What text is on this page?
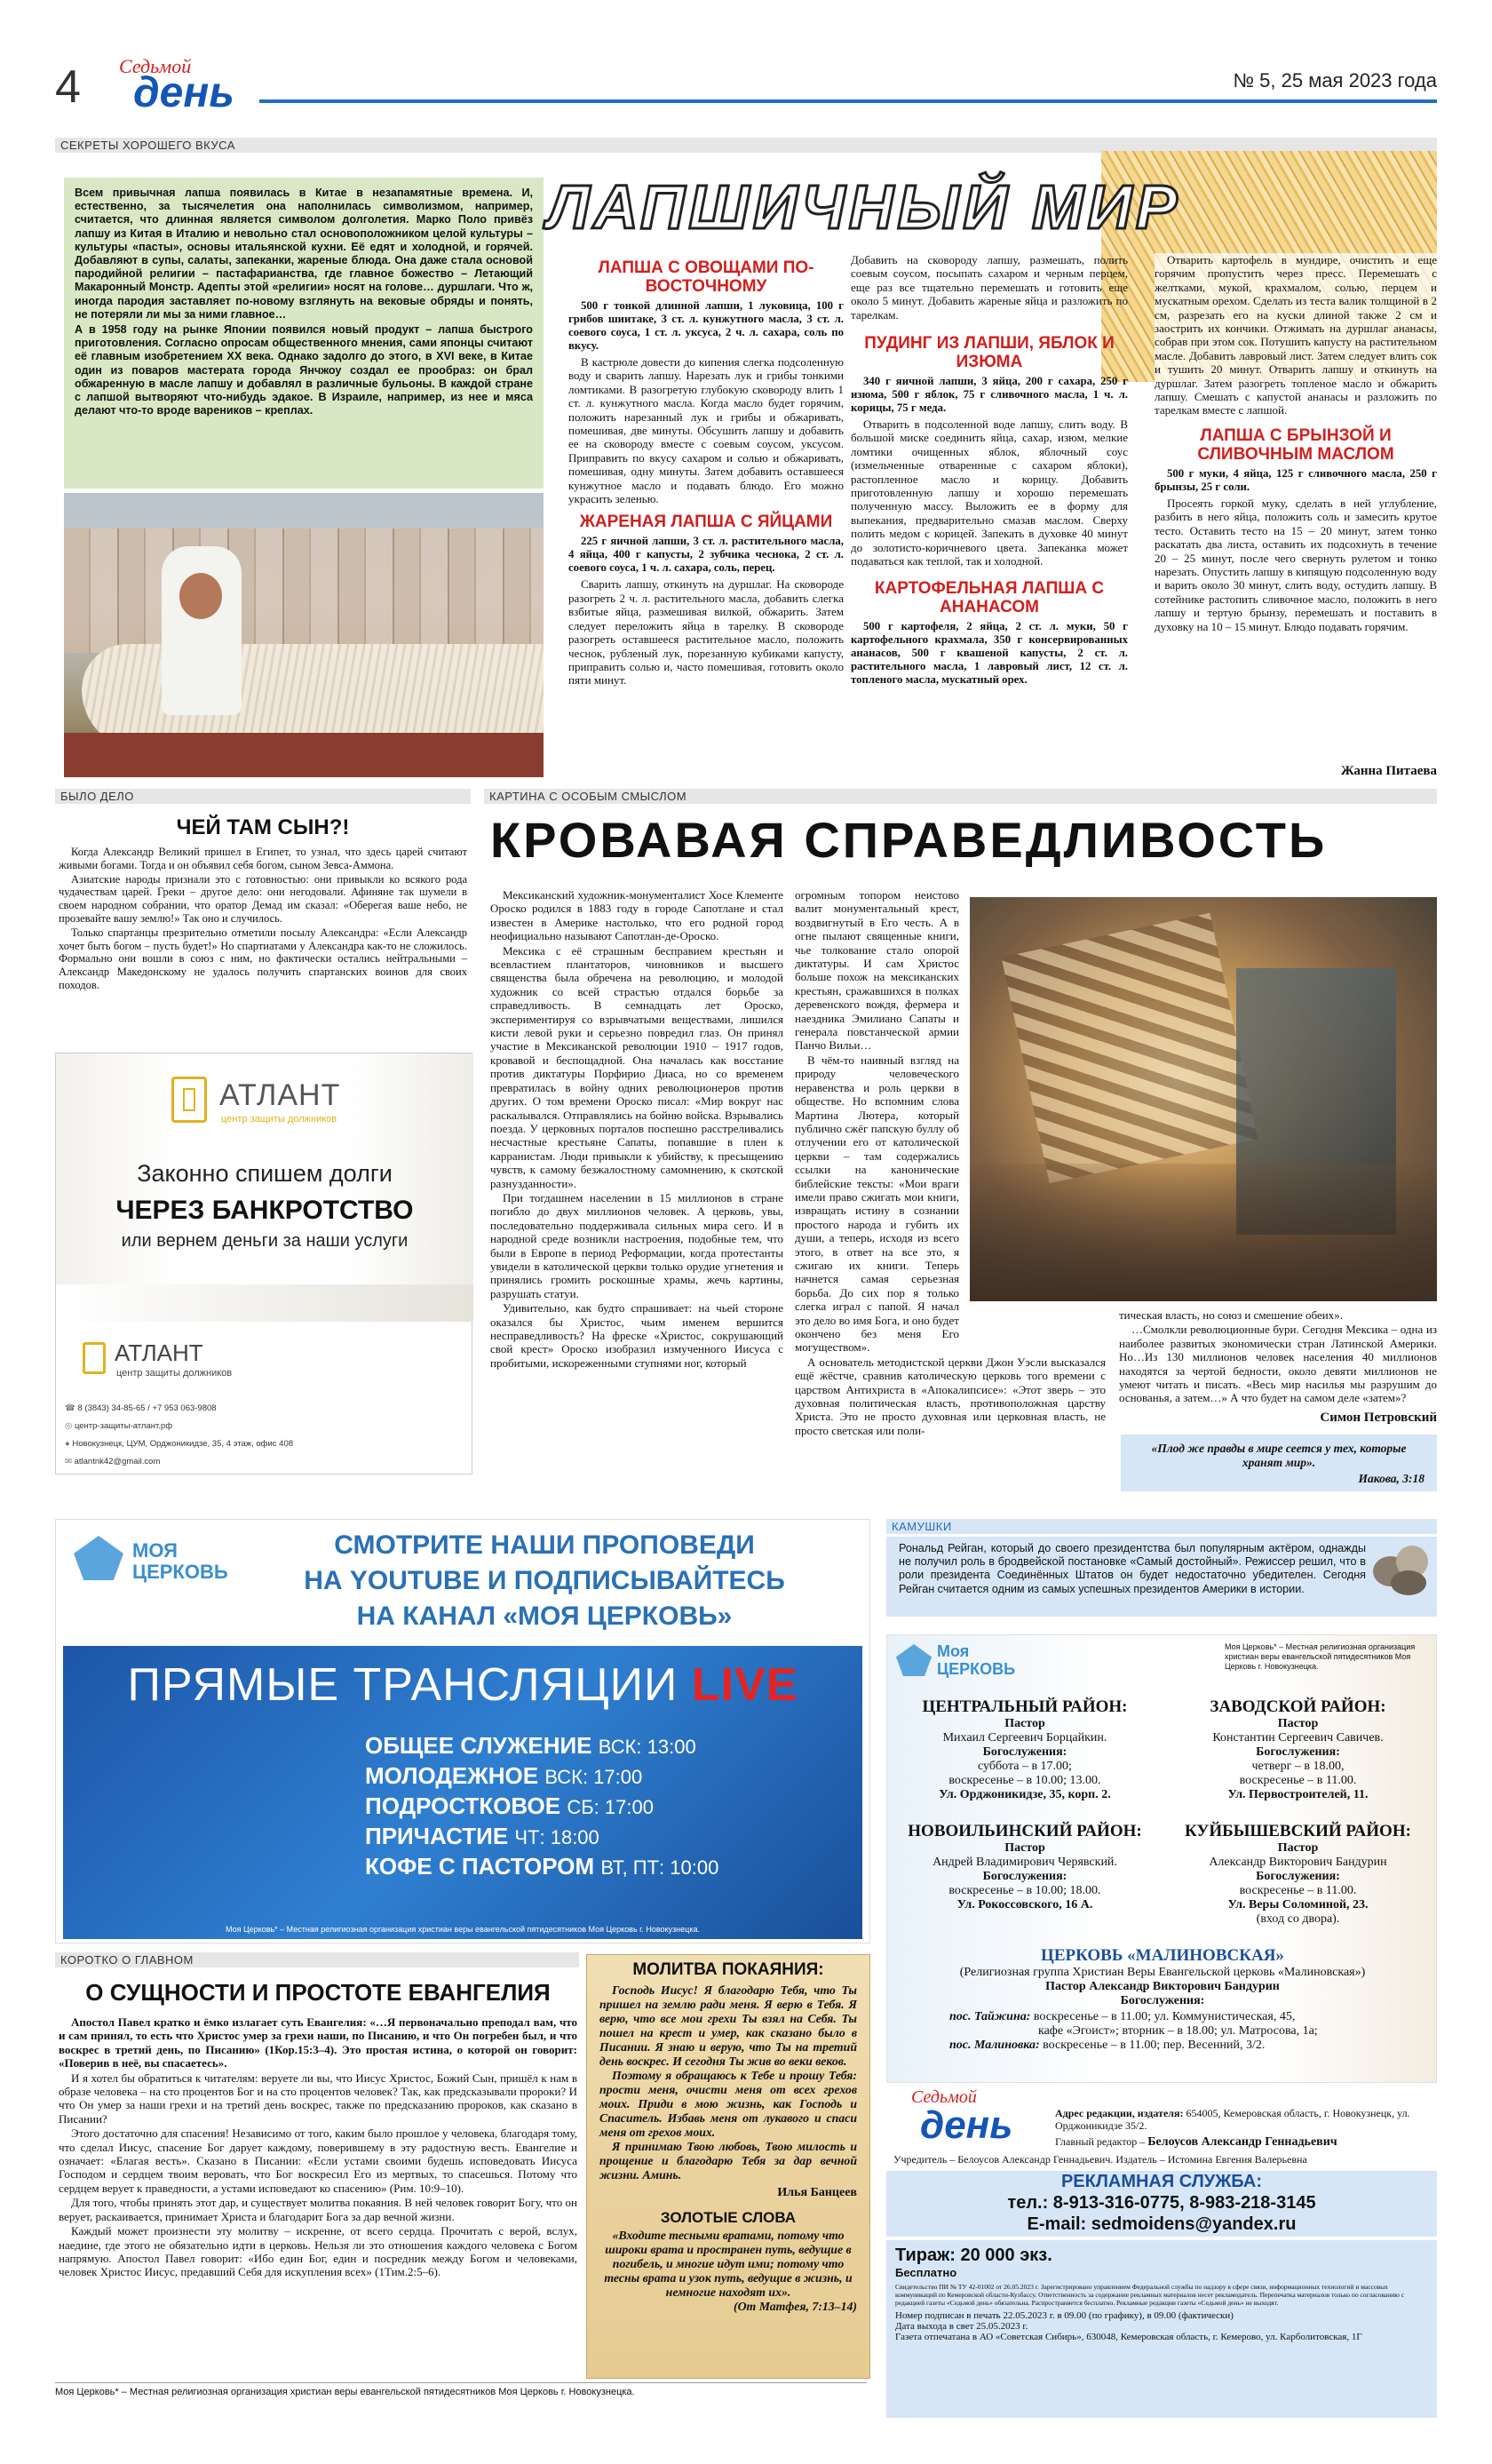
4 Седьмой
день	№ 5, 25 мая 2023 года
СЕКРЕТЫ ХОРОШЕГО ВКУСА

Всем привычная лапша появилась в Китае в незапамятные времена. И, естественно, за тысячелетия она наполнилась символизмом, например, считается, что длинная является символом долголетия. Марко Поло привёз лапшу из Китая в Италию и невольно стал основоположником целой культуры – культуры «пасты», основы итальянской кухни. Её едят и холодной, и горячей. Добавляют в супы, салаты, запеканки, жареные блюда. Она даже стала основой пародийной религии – пастафарианства, где главное божество – Летающий Макаронный Монстр. Адепты этой «религии» носят на голове… дуршлаги. Что ж, иногда пародия заставляет по-новому взглянуть на вековые обряды и понять, не потеряли ли мы за ними главное…

А в 1958 году на рынке Японии появился новый продукт – лапша быстрого приготовления. Согласно опросам общественного мнения, сами японцы считают её главным изобретением XX века. Однако задолго до этого, в XVI веке, в Китае один из поваров мастерата города Янчжоу создал ее прообраз: он брал обжаренную в масле лапшу и добавлял в различные бульоны. В каждой стране с лапшой вытворяют что-нибудь эдакое. В Израиле, например, из нее и мяса делают что-то вроде вареников – креплах.

ЛАПШИЧНЫЙ МИР
ЛАПША С ОВОЩАМИ ПО-ВОСТОЧНОМУ
500 г тонкой длинной лапши, 1 луковица, 100 г грибов шиитаке, 3 ст. л. кунжутного масла, 3 ст. л. соевого соуса, 1 ст. л. уксуса, 2 ч. л. сахара, соль по вкусу.

В кастрюле довести до кипения слегка подсоленную воду и сварить лапшу. Нарезать лук и грибы тонкими ломтиками. В разогретую глубокую сковороду влить 1 ст. л. кунжутного масла. Когда масло будет горячим, положить нарезанный лук и грибы и обжаривать, помешивая, две минуты. Обсушить лапшу и добавить ее на сковороду вместе с соевым соусом, уксусом. Приправить по вкусу сахаром и солью и обжаривать, помешивая, одну минуты. Затем добавить оставшееся кунжутное масло и подавать блюдо. Его можно украсить зеленью.

ЖАРЕНАЯ ЛАПША С ЯЙЦАМИ
225 г яичной лапши, 3 ст. л. растительного масла, 4 яйца, 400 г капусты, 2 зубчика чеснока, 2 ст. л. соевого соуса, 1 ч. л. сахара, соль, перец.

Сварить лапшу, откинуть на дуршлаг. На сковороде разогреть 2 ч. л. растительного масла, добавить слегка взбитые яйца, размешивая вилкой, обжарить. Затем следует переложить яйца в тарелку. В сковороде разогреть оставшееся растительное масло, положить чеснок, рубленый лук, порезанную кубиками капусту, приправить солью и, часто помешивая, готовить около пяти минут.

Добавить на сковороду лапшу, размешать, полить соевым соусом, посыпать сахаром и черным перцем, еще раз все тщательно перемешать и готовить еще около 5 минут. Добавить жареные яйца и разложить по тарелкам.

ПУДИНГ ИЗ ЛАПШИ, ЯБЛОК И ИЗЮМА
340 г яичной лапши, 3 яйца, 200 г сахара, 250 г изюма, 500 г яблок, 75 г сливочного масла, 1 ч. л. корицы, 75 г меда.

Отварить в подсоленной воде лапшу, слить воду. В большой миске соединить яйца, сахар, изюм, мелкие ломтики очищенных яблок, яблочный соус (измельченные отваренные с сахаром яблоки), растопленное масло и корицу. Добавить приготовленную лапшу и хорошо перемешать полученную массу. Выложить ее в форму для выпекания, предварительно смазав маслом. Сверху полить медом с корицей. Запекать в духовке 40 минут до золотисто-коричневого цвета. Запеканка может подаваться как теплой, так и холодной.

КАРТОФЕЛЬНАЯ ЛАПША С АНАНАСОМ
500 г картофеля, 2 яйца, 2 ст. л. муки, 50 г картофельного крахмала, 350 г консервированных ананасов, 500 г квашеной капусты, 2 ст. л. растительного масла, 1 лавровый лист, 12 ст. л. топленого масла, мускатный орех.

Отварить картофель в мундире, очистить и еще горячим пропустить через пресс. Перемешать с желтками, мукой, крахмалом, солью, перцем и мускатным орехом. Сделать из теста валик толщиной в 2 см, разрезать его на куски длиной также 2 см и заострить их кончики. Отжимать на дуршлаг ананасы, собрав при этом сок. Потушить капусту на растительном масле. Добавить лавровый лист. Затем следует влить сок и тушить 20 минут. Отварить лапшу и откинуть на дуршлаг. Затем разогреть топленое масло и обжарить лапшу. Смешать с капустой ананасы и разложить по тарелкам вместе с лапшой.

ЛАПША С БРЫНЗОЙ И СЛИВОЧНЫМ МАСЛОМ
500 г муки, 4 яйца, 125 г сливочного масла, 250 г брынзы, 25 г соли.

Просеять горкой муку, сделать в ней углубление, разбить в него яйца, положить соль и замесить крутое тесто. Оставить тесто на 15 – 20 минут, затем тонко раскатать два листа, оставить их подсохнуть в течение 20 – 25 минут, после чего свернуть рулетом и тонко нарезать. Опустить лапшу в кипящую подсоленную воду и варить около 30 минут, слить воду, остудить лапшу. В сотейнике растопить сливочное масло, положить в него лапшу и тертую брынзу, перемешать и поставить в духовку на 10 – 15 минут. Блюдо подавать горячим.

Жанна Питаева
БЫЛО ДЕЛО
ЧЕЙ ТАМ СЫН?!

Когда Александр Великий пришел в Египет, то узнал, что здесь царей считают живыми богами. Тогда и он объявил себя богом, сыном Зевса-Аммона.

Азиатские народы признали это с готовностью: они привыкли ко всякого рода чудачествам царей. Греки – другое дело: они негодовали. Афиняне так шумели в своем народном собрании, что оратор Демад им сказал: «Оберегая ваше небо, не прозевайте вашу землю!» Так оно и случилось.

Только спартанцы презрительно отметили посылу Александра: «Если Александр хочет быть богом – пусть будет!» Но спартиатами у Александра как-то не сложилось. Формально они вошли в союз с ним, но фактически остались нейтральными – Александр Македонскому не удалось получить спартанских воинов для своих походов.

АТЛАНТ
центр защиты должников
Законно спишем долги
ЧЕРЕЗ БАНКРОТСТВО
или вернем деньги за наши услуги
АТЛАНТ
центр защиты должников
☎ 8 (3843) 34-85-65 / +7 953 063-9808
◎ центр-защиты-атлант.рф
● Новокузнецк, ЦУМ, Орджоникидзе, 35, 4 этаж, офис 408
✉ atlantnk42@gmail.com
КАРТИНА С ОСОБЫМ СМЫСЛОМ
КРОВАВАЯ СПРАВЕДЛИВОСТЬ

Мексиканский художник-монументалист Хосе Клементе Ороско родился в 1883 году в городе Сапотлане и стал известен в Америке настолько, что его родной город неофициально называют Сапотлан-де-Ороско.

Мексика с её страшным бесправием крестьян и всевластием плантаторов, чиновников и высшего священства была обречена на революцию, и молодой художник со всей страстью отдался борьбе за справедливость. В семнадцать лет Ороско, экспериментируя со взрывчатыми веществами, лишился кисти левой руки и серьезно повредил глаз. Он принял участие в Мексиканской революции 1910 – 1917 годов, кровавой и беспощадной. Она началась как восстание против диктатуры Порфирио Диаса, но со временем превратилась в войну одних революционеров против других. О том времени Ороско писал: «Мир вокруг нас раскалывался. Отправлялись на бойню войска. Взрывались поезда. У церковных порталов поспешно расстреливались несчастные крестьяне Сапаты, попавшие в плен к карранистам. Люди привыкли к убийству, к пресыщению чувств, к самому безжалостному самомнению, к скотской разнузданности».

При тогдашнем населении в 15 миллионов в стране погибло до двух миллионов человек. А церковь, увы, последовательно поддерживала сильных мира сего. И в народной среде возникли настроения, подобные тем, что были в Европе в период Реформации, когда протестанты увидели в католической церкви только орудие угнетения и принялись громить роскошные храмы, жечь картины, разрушать статуи.

Удивительно, как будто спрашивает: на чьей стороне оказался бы Христос, чьим именем вершится несправедливость? На фреске «Христос, сокрушающий свой крест» Ороско изобразил измученного Иисуса с пробитыми, искореженными ступнями ног, который

огромным топором неистово валит монументальный крест, воздвигнутый в Его честь. А в огне пылают священные книги, чье толкование стало опорой диктатуры. И сам Христос больше похож на мексиканских крестьян, сражавшихся в полках деревенского вождя, фермера и наездника Эмилиано Сапаты и генерала повстанческой армии Панчо Вильи…

В чём-то наивный взгляд на природу человеческого неравенства и роль церкви в обществе. Но вспомним слова Мартина Лютера, который публично сжёг папскую буллу об отлучении его от католической церкви – там содержались ссылки на канонические библейские тексты: «Мои враги имели право сжигать мои книги, извращать истину в сознании простого народа и губить их души, а теперь, исходя из всего этого, в ответ на все это, я сжигаю их книги. Теперь начнется самая серьезная борьба. До сих пор я только слегка играл с папой. Я начал это дело во имя Бога, и оно будет окончено без меня Его могуществом».

А основатель методистской церкви Джон Уэсли высказался ещё жёстче, сравнив католическую церковь того времени с царством Антихриста в «Апокалипсисе»: «Этот зверь – это духовная политическая власть, противоположная царству Христа. Это не просто духовная или церковная власть, не просто светская или поли-

тическая власть, но союз и смешение обеих».

…Смолкли революционные бури. Сегодня Мексика – одна из наиболее развитых экономически стран Латинской Америки. Но…Из 130 миллионов человек населения 40 миллионов находятся за чертой бедности, около девяти миллионов не умеют читать и писать. «Весь мир насилья мы разрушим до основанья, а затем…» А что будет на самом деле «затем»?

Симон Петровский
«Плод же правды в мире сеется у тех, которые хранят мир».
Иакова, 3:18
МОЯ
ЦЕРКОВЬ
СМОТРИТЕ НАШИ ПРОПОВЕДИ
НА YOUTUBE И ПОДПИСЫВАЙТЕСЬ
НА КАНАЛ «МОЯ ЦЕРКОВЬ»
ПРЯМЫЕ ТРАНСЛЯЦИИ LIVE
ОБЩЕЕ СЛУЖЕНИЕ ВСК: 13:00
МОЛОДЕЖНОЕ ВСК: 17:00
ПОДРОСТКОВОЕ СБ: 17:00
ПРИЧАСТИЕ ЧТ: 18:00
КОФЕ С ПАСТОРОМ ВТ, ПТ: 10:00
Моя Церковь* – Местная религиозная организация христиан веры евангельской пятидесятников Моя Церковь г. Новокузнецка.
КАМУШКИ
Рональд Рейган, который до своего президентства был популярным актёром, однажды не получил роль в бродвейской постановке «Самый достойный». Режиссер решил, что в роли президента Соединённых Штатов он будет недостаточно убедителен. Сегодня Рейган считается одним из самых успешных президентов Америки в истории.
Моя
ЦЕРКОВЬ
Моя Церковь* – Местная религиозная организация христиан веры евангельской пятидесятников Моя Церковь г. Новокузнецка.
ЦЕНТРАЛЬНЫЙ РАЙОН:
Пастор
Михаил Сергеевич Борцайкин.
Богослужения:
суббота – в 17.00;
воскресенье – в 10.00; 13.00.
Ул. Орджоникидзе, 35, корп. 2.
ЗАВОДСКОЙ РАЙОН:
Пастор
Константин Сергеевич Савичев.
Богослужения:
четверг – в 18.00,
воскресенье – в 11.00.
Ул. Первостроителей, 11.
НОВОИЛЬИНСКИЙ РАЙОН:
Пастор
Андрей Владимирович Черявский.
Богослужения:
воскресенье – в 10.00; 18.00.
Ул. Рокоссовского, 16 А.
КУЙБЫШЕВСКИЙ РАЙОН:
Пастор
Александр Викторович Бандурин
Богослужения:
воскресенье – в 11.00.
Ул. Веры Соломиной, 23.
(вход со двора).
ЦЕРКОВЬ «МАЛИНОВСКАЯ»
(Религиозная группа Христиан Веры Евангельской церковь «Малиновская»)
Пастор Александр Викторович Бандурин
Богослужения:
пос. Тайжина: воскресенье – в 11.00; ул. Коммунистическая, 45,
кафе «Эгоист»; вторник – в 18.00; ул. Матросова, 1а;
пос. Малиновка: воскресенье – в 11.00; пер. Весенний, 3/2.
КОРОТКО О ГЛАВНОМ
О СУЩНОСТИ И ПРОСТОТЕ ЕВАНГЕЛИЯ

Апостол Павел кратко и ёмко излагает суть Евангелия: «…Я первоначально преподал вам, что и сам принял, то есть что Христос умер за грехи наши, по Писанию, и что Он погребен был, и что воскрес в третий день, по Писанию» (1Кор.15:3–4). Это простая истина, о которой он говорит: «Поверив в неё, вы спасаетесь».

И я хотел бы обратиться к читателям: веруете ли вы, что Иисус Христос, Божий Сын, пришёл к нам в образе человека – на сто процентов Бог и на сто процентов человек? Так, как предсказывали пророки? И что Он умер за наши грехи и на третий день воскрес, также по предсказанию пророков, как сказано в Писании?

Этого достаточно для спасения! Независимо от того, каким было прошлое у человека, благодаря тому, что сделал Иисус, спасение Бог дарует каждому, поверившему в эту радостную весть. Евангелие и означает: «Благая весть». Сказано в Писании: «Если устами своими будешь исповедовать Иисуса Господом и сердцем твоим веровать, что Бог воскресил Его из мертвых, то спасешься. Потому что сердцем верует к праведности, а устами исповедают ко спасению» (Рим. 10:9–10).

Для того, чтобы принять этот дар, и существует молитва покаяния. В ней человек говорит Богу, что он верует, раскаивается, принимает Христа и благодарит Бога за дар вечной жизни.

Каждый может произнести эту молитву – искренне, от всего сердца. Прочитать с верой, вслух, наедине, где этого не обязательно идти в церковь. Нельзя ли это отношения каждого человека с Богом напрямую. Апостол Павел говорит: «Ибо един Бог, един и посредник между Богом и человеками, человек Христос Иисус, предавший Себя для искупления всех» (1Тим.2:5–6).

Моя Церковь* – Местная религиозная организация христиан веры евангельской пятидесятников Моя Церковь г. Новокузнецка.
МОЛИТВА ПОКАЯНИЯ:
Господь Иисус! Я благодарю Тебя, что Ты пришел на землю ради меня. Я верю в Тебя. Я верю, что все мои грехи Ты взял на Себя. Ты пошел на крест и умер, как сказано было в Писании. Я знаю и верую, что Ты на третий день воскрес. И сегодня Ты жив во веки веков.
Поэтому я обращаюсь к Тебе и прошу Тебя: прости меня, очисти меня от всех грехов моих. Приди в мою жизнь, как Господь и Спаситель. Избавь меня от лукавого и спаси меня от грехов моих.
Я принимаю Твою любовь, Твою милость и прощение и благодарю Тебя за дар вечной жизни. Аминь.
Илья Банцеев
ЗОЛОТЫЕ СЛОВА
«Входите тесными вратами, потому что широки врата и пространен путь, ведущие в погибель, и многие идут ими; потому что тесны врата и узок путь, ведущие в жизнь, и немногие находят их».
(От Матфея, 7:13–14)
Седьмой
день	Адрес редакции, издателя: 654005, Кемеровская область, г. Новокузнецк, ул. Орджоникидзе 35/2.
Главный редактор – Белоусов Александр Геннадьевич
Учредитель – Белоусов Александр Геннадьевич. Издатель – Истомина Евгения Валерьевна
РЕКЛАМНАЯ СЛУЖБА:
тел.: 8-913-316-0775, 8-983-218-3145
E-mail: sedmoidens@yandex.ru
Тираж: 20 000 экз.
Бесплатно
Свидетельство ПИ № ТУ 42-01002 от 26.05.2023 г. Зарегистрировано управлением Федеральной службы по надзору в сфере связи, информационных технологий и массовых коммуникаций по Кемеровской области-Кузбассу. Ответственность за содержание рекламных материалов несет рекламодатель. Перепечатка материалов только по согласованию с редакцией газеты «Седьмой день» обязательна. Распространяется бесплатно. Рекламные редакции газеты «Седьмой день» не выходят.
Номер подписан в печать 22.05.2023 г. в 09.00 (по графику), в 09.00 (фактически)
Дата выхода в свет 25.05.2023 г.
Газета отпечатана в АО «Советская Сибирь», 630048, Кемеровская область, г. Кемерово, ул. Карболитовская, 1Г
